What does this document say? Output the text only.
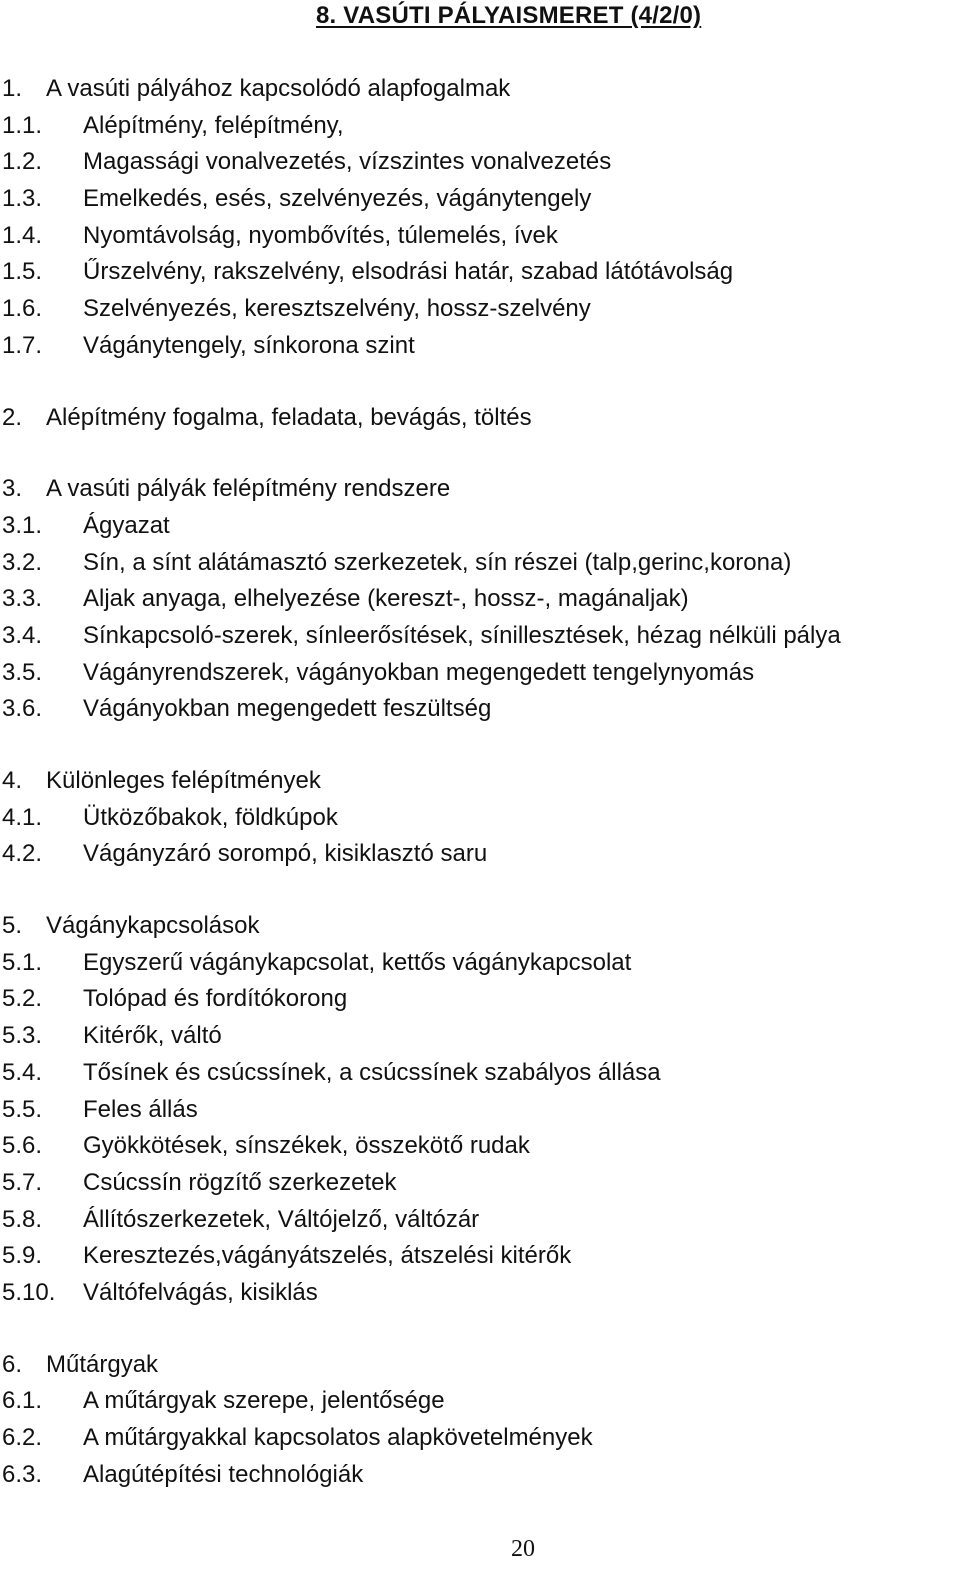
8. VASÚTI PÁLYAISMERET (4/2/0)
1. A vasúti pályához kapcsolódó alapfogalmak
1.1. Alépítmény, felépítmény,
1.2. Magassági vonalvezetés, vízszintes vonalvezetés
1.3. Emelkedés, esés, szelvényezés, vágánytengely
1.4. Nyomtávolság, nyombővítés, túlemelés, ívek
1.5. Űrszelvény, rakszelvény, elsodrási határ, szabad látótávolság
1.6. Szelvényezés, keresztszelvény, hossz-szelvény
1.7. Vágánytengely, sínkorona szint
2. Alépítmény fogalma, feladata, bevágás, töltés
3. A vasúti pályák felépítmény rendszere
3.1. Ágyazat
3.2. Sín, a sínt alátámasztó szerkezetek, sín részei (talp,gerinc,korona)
3.3. Aljak anyaga, elhelyezése (kereszt-, hossz-, magánaljak)
3.4. Sínkapcsoló-szerek, sínleerősítések, sínillesztések, hézag nélküli pálya
3.5. Vágányrendszerek, vágányokban megengedett tengelynyomás
3.6. Vágányokban megengedett feszültség
4. Különleges felépítmények
4.1. Ütközőbakok, földkúpok
4.2. Vágányzáró sorompó, kisiklasztó saru
5. Vágánykapcsolások
5.1. Egyszerű vágánykapcsolat, kettős vágánykapcsolat
5.2. Tolópad és fordítókorong
5.3. Kitérők, váltó
5.4. Tősínek és csúcssínek, a csúcssínek szabályos állása
5.5. Feles állás
5.6. Gyökkötések, sínszékek, összekötő rudak
5.7. Csúcssín rögzítő szerkezetek
5.8. Állítószerkezetek, Váltójelző, váltózár
5.9. Keresztezés,vágányátszelés, átszelési kitérők
5.10. Váltófelvágás, kisiklás
6. Műtárgyak
6.1. A műtárgyak szerepe, jelentősége
6.2. A műtárgyakkal kapcsolatos alapkövetelmények
6.3. Alagútépítési technológiák
20
